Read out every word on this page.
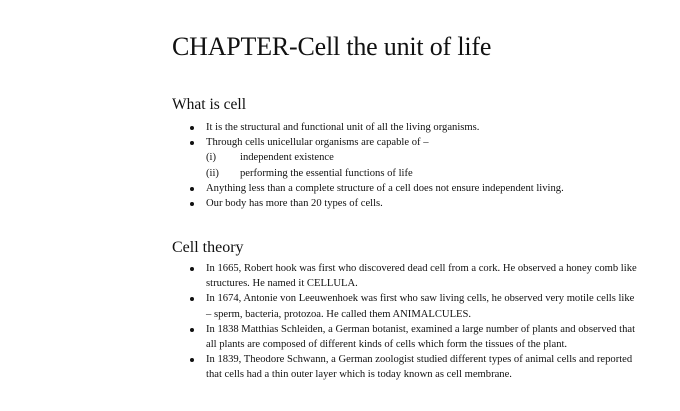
CHAPTER-Cell the unit of life
What is cell
It is the structural and functional unit of all the living organisms.
Through cells unicellular organisms are capable of –
(i) independent existence
(ii) performing the essential functions of life
Anything less than a complete structure of a cell does not ensure independent living.
Our body has more than 20 types of cells.
Cell theory
In 1665, Robert hook was first who discovered dead cell from a cork. He observed a honey comb like structures. He named it CELLULA.
In 1674, Antonie von Leeuwenhoek was first who saw living cells, he observed very motile cells like – sperm, bacteria, protozoa. He called them ANIMALCULES.
In 1838 Matthias Schleiden, a German botanist, examined a large number of plants and observed that all plants are composed of different kinds of cells which form the tissues of the plant.
In 1839, Theodore Schwann, a German zoologist studied different types of animal cells and reported that cells had a thin outer layer which is today known as cell membrane.
